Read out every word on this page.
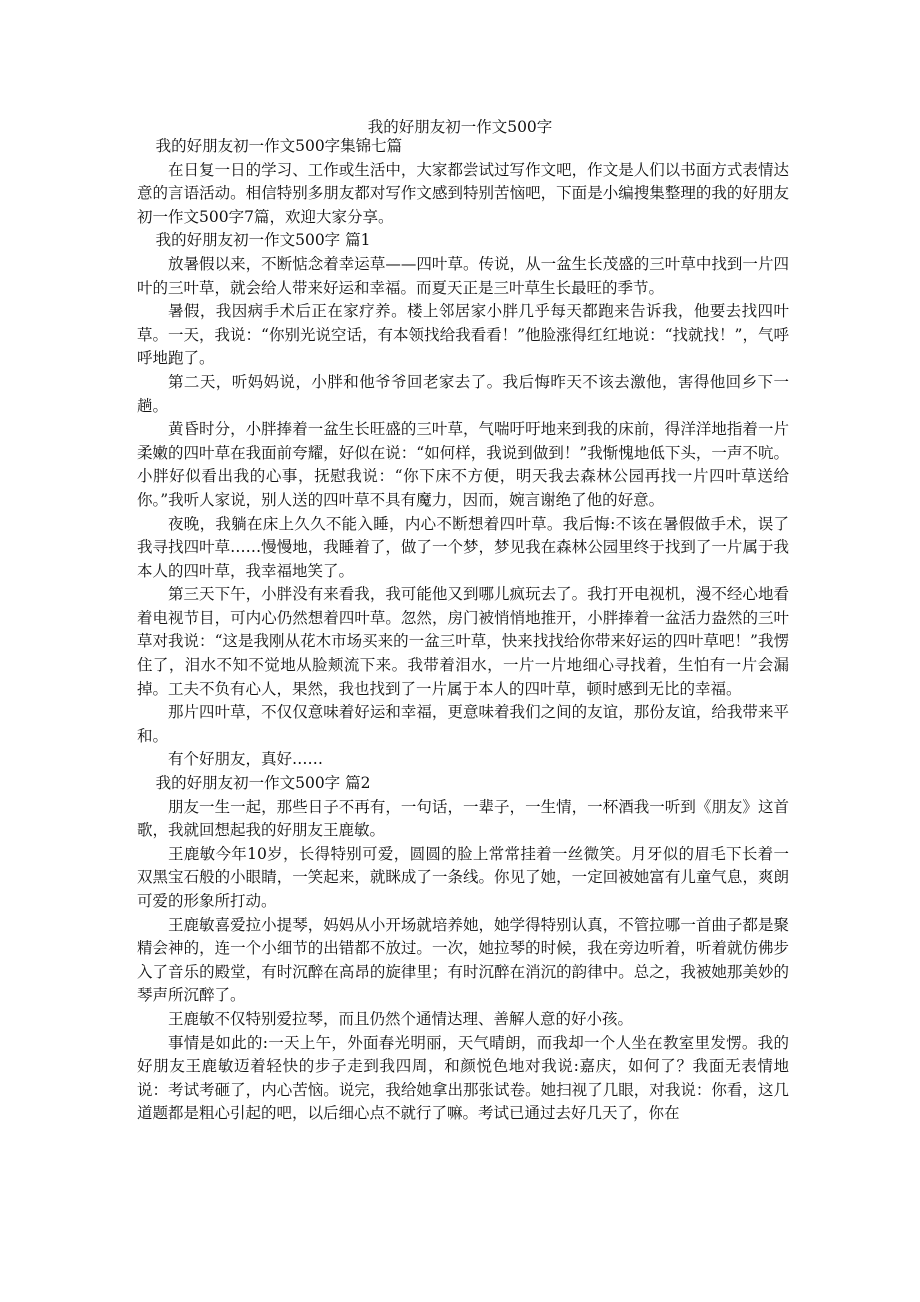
我的好朋友初一作文500字

我的好朋友初一作文500字集锦七篇

在日复一日的学习、工作或生活中，大家都尝试过写作文吧，作文是人们以书面方式表情达意的言语活动。相信特别多朋友都对写作文感到特别苦恼吧，下面是小编搜集整理的我的好朋友初一作文500字7篇，欢迎大家分享。

我的好朋友初一作文500字 篇1

放暑假以来，不断惦念着幸运草——四叶草。传说，从一盆生长茂盛的三叶草中找到一片四叶的三叶草，就会给人带来好运和幸福。而夏天正是三叶草生长最旺的季节。

暑假，我因病手术后正在家疗养。楼上邻居家小胖几乎每天都跑来告诉我，他要去找四叶草。一天，我说：“你别光说空话，有本领找给我看看！”他脸涨得红红地说：“找就找！”，气呼呼地跑了。

第二天，听妈妈说，小胖和他爷爷回老家去了。我后悔昨天不该去激他，害得他回乡下一趟。

黄昏时分，小胖捧着一盆生长旺盛的三叶草，气喘吁吁地来到我的床前，得洋洋地指着一片柔嫩的四叶草在我面前夸耀，好似在说：“如何样，我说到做到！”我惭愧地低下头，一声不吭。小胖好似看出我的心事，抚慰我说：“你下床不方便，明天我去森林公园再找一片四叶草送给你。”我听人家说，别人送的四叶草不具有魔力，因而，婉言谢绝了他的好意。

夜晚，我躺在床上久久不能入睡，内心不断想着四叶草。我后悔:不该在暑假做手术，误了我寻找四叶草……慢慢地，我睡着了，做了一个梦，梦见我在森林公园里终于找到了一片属于我本人的四叶草，我幸福地笑了。

第三天下午，小胖没有来看我，我可能他又到哪儿疯玩去了。我打开电视机，漫不经心地看着电视节目，可内心仍然想着四叶草。忽然，房门被悄悄地推开，小胖捧着一盆活力盎然的三叶草对我说：“这是我刚从花木市场买来的一盆三叶草，快来找找给你带来好运的四叶草吧！”我愣住了，泪水不知不觉地从脸颊流下来。我带着泪水，一片一片地细心寻找着，生怕有一片会漏掉。工夫不负有心人，果然，我也找到了一片属于本人的四叶草，顿时感到无比的幸福。

那片四叶草，不仅仅意味着好运和幸福，更意味着我们之间的友谊，那份友谊，给我带来平和。

有个好朋友，真好……

我的好朋友初一作文500字 篇2

朋友一生一起，那些日子不再有，一句话，一辈子，一生情，一杯酒我一听到《朋友》这首歌，我就回想起我的好朋友王鹿敏。

王鹿敏今年10岁，长得特别可爱，圆圆的脸上常常挂着一丝微笑。月牙似的眉毛下长着一双黑宝石般的小眼睛，一笑起来，就眯成了一条线。你见了她，一定回被她富有儿童气息，爽朗可爱的形象所打动。

王鹿敏喜爱拉小提琴，妈妈从小开场就培养她，她学得特别认真，不管拉哪一首曲子都是聚精会神的，连一个小细节的出错都不放过。一次，她拉琴的时候，我在旁边听着，听着就仿佛步入了音乐的殿堂，有时沉醉在高昂的旋律里；有时沉醉在消沉的韵律中。总之，我被她那美妙的琴声所沉醉了。

王鹿敏不仅特别爱拉琴，而且仍然个通情达理、善解人意的好小孩。

事情是如此的:一天上午，外面春光明丽，天气晴朗，而我却一个人坐在教室里发愣。我的好朋友王鹿敏迈着轻快的步子走到我四周，和颜悦色地对我说:嘉庆，如何了？我面无表情地说：考试考砸了，内心苦恼。说完，我给她拿出那张试卷。她扫视了几眼，对我说：你看，这几道题都是粗心引起的吧，以后细心点不就行了嘛。考试已通过去好几天了，你在
